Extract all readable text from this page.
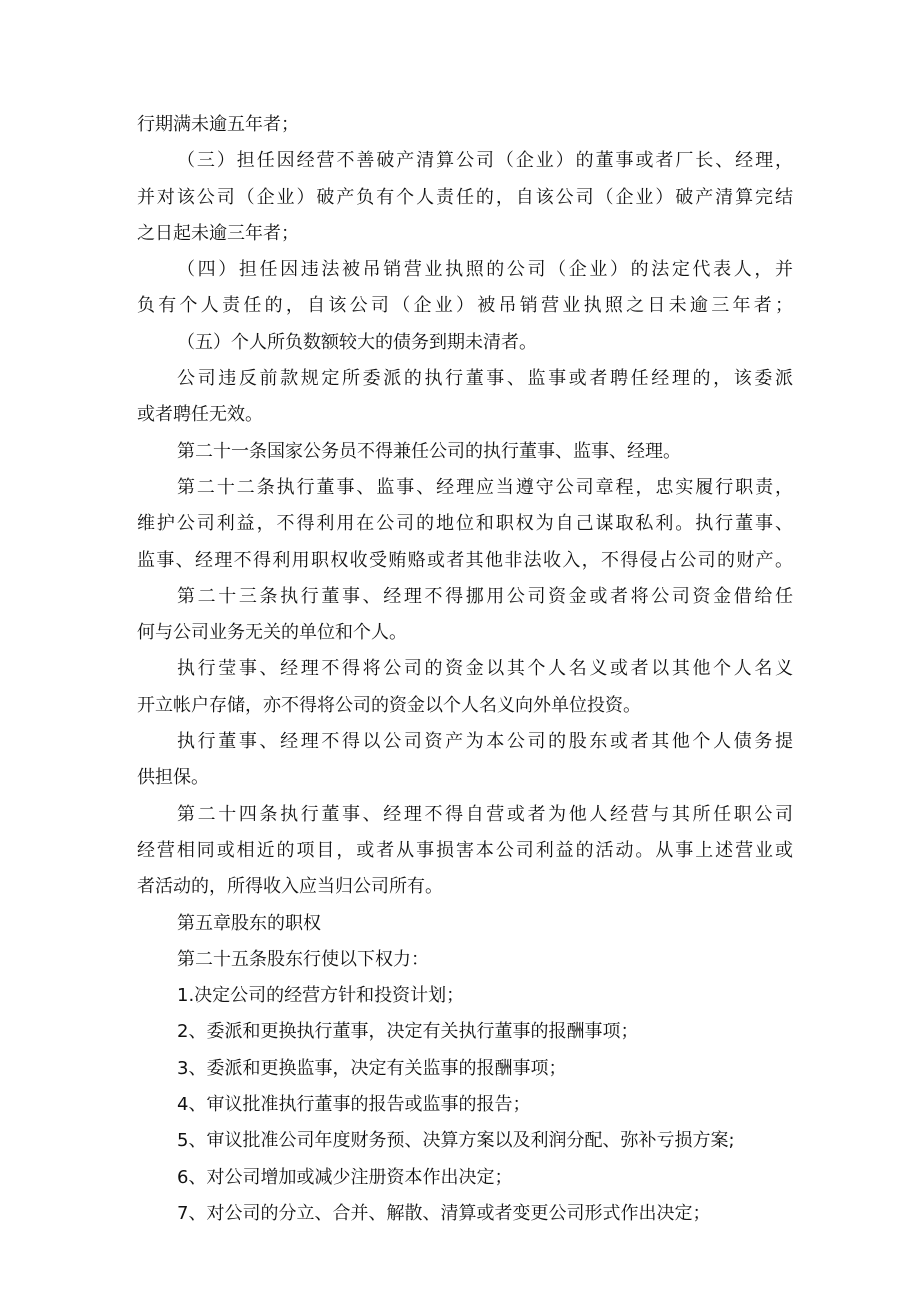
行期满未逾五年者；
（三）担任因经营不善破产清算公司（企业）的董事或者厂长、经理，
并对该公司（企业）破产负有个人责任的，自该公司（企业）破产清算完结
之日起未逾三年者；
（四）担任因违法被吊销营业执照的公司（企业）的法定代表人，并
负有个人责任的，自该公司（企业）被吊销营业执照之日未逾三年者；
（五）个人所负数额较大的债务到期未清者。
公司违反前款规定所委派的执行董事、监事或者聘任经理的，该委派
或者聘任无效。
第二十一条国家公务员不得兼任公司的执行董事、监事、经理。
第二十二条执行董事、监事、经理应当遵守公司章程，忠实履行职责，
维护公司利益，不得利用在公司的地位和职权为自己谋取私利。执行董事、
监事、经理不得利用职权收受贿赂或者其他非法收入，不得侵占公司的财产。
第二十三条执行董事、经理不得挪用公司资金或者将公司资金借给任
何与公司业务无关的单位和个人。
执行莹事、经理不得将公司的资金以其个人名义或者以其他个人名义
开立帐户存储，亦不得将公司的资金以个人名义向外单位投资。
执行董事、经理不得以公司资产为本公司的股东或者其他个人债务提
供担保。
第二十四条执行董事、经理不得自营或者为他人经营与其所任职公司
经营相同或相近的项目，或者从事损害本公司利益的活动。从事上述营业或
者活动的，所得收入应当归公司所有。
第五章股东的职权
第二十五条股东行使以下权力：
1.决定公司的经营方针和投资计划；
2、委派和更换执行董事，决定有关执行董事的报酬事项；
3、委派和更换监事，决定有关监事的报酬事项；
4、审议批准执行董事的报告或监事的报告；
5、审议批准公司年度财务预、决算方案以及利润分配、弥补亏损方案;
6、对公司增加或减少注册资本作出决定；
7、对公司的分立、合并、解散、清算或者变更公司形式作出决定；
